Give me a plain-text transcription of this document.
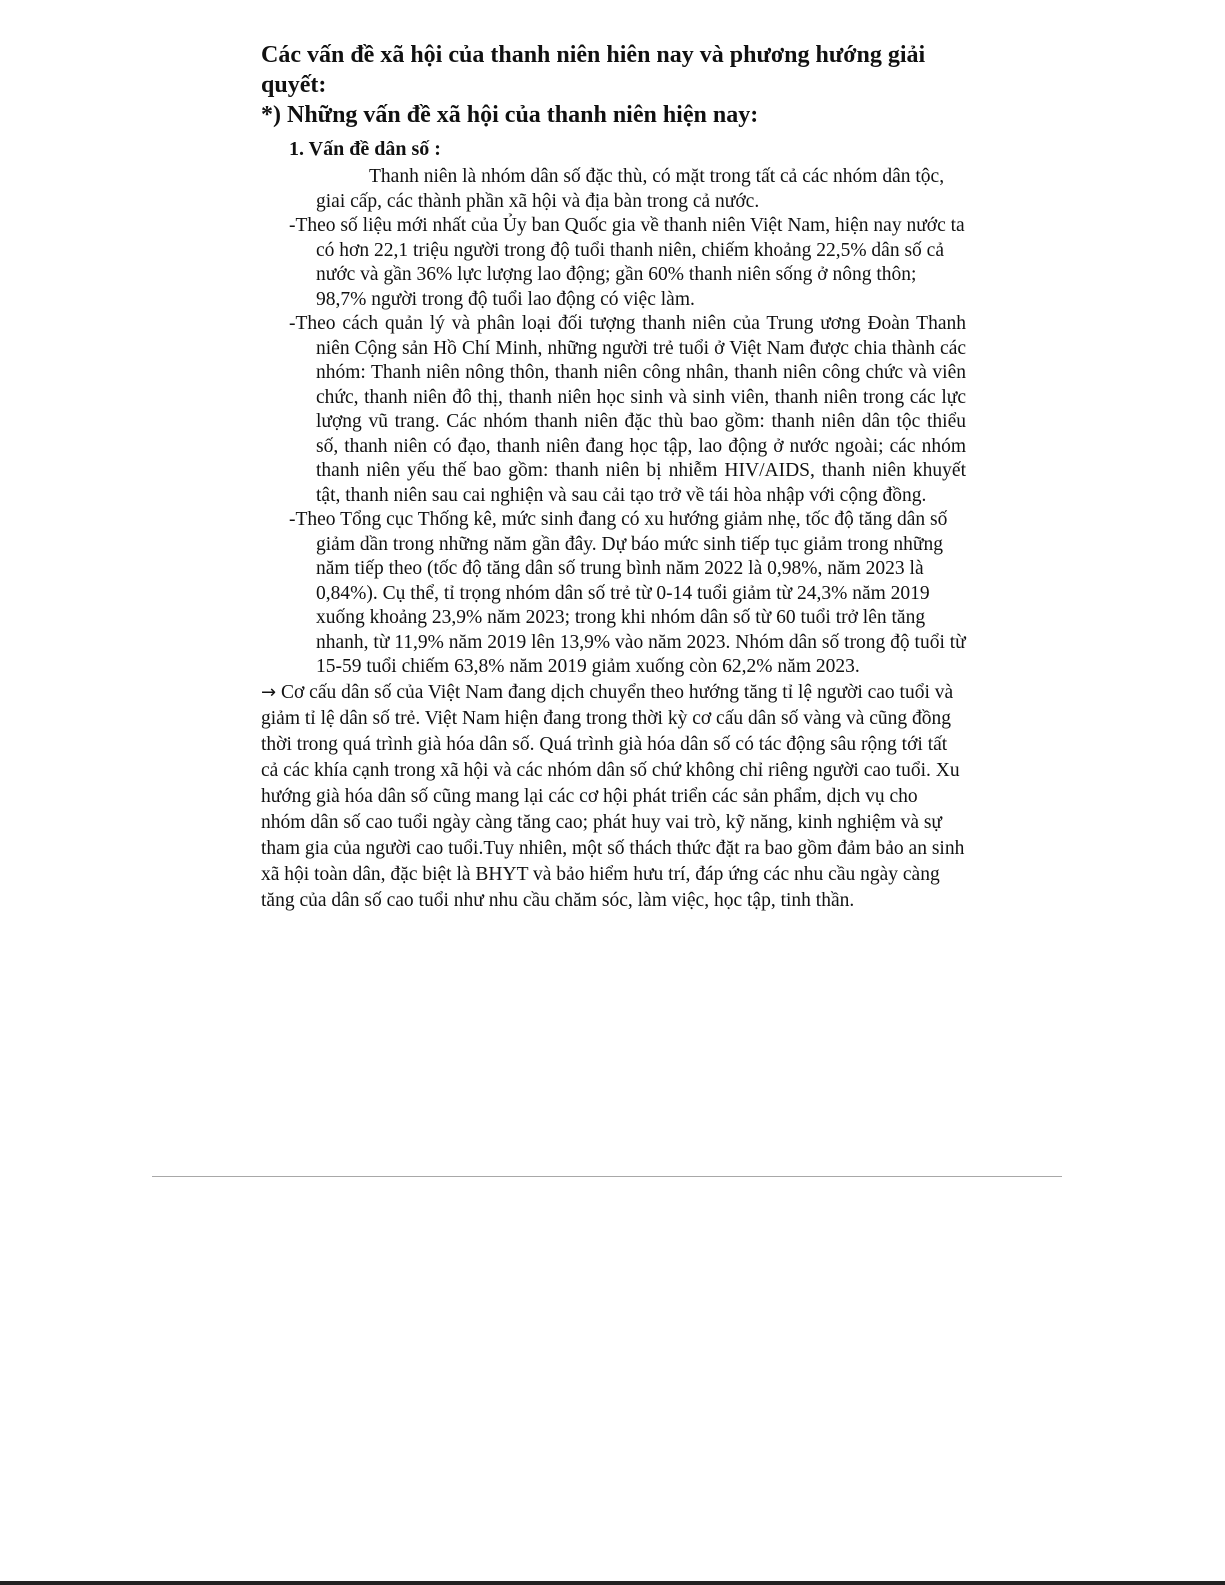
Các vấn đề xã hội của thanh niên hiên nay và phương hướng giải quyết:
*) Những vấn đề xã hội của thanh niên hiện nay:
1. Vấn đề dân số :

Thanh niên là nhóm dân số đặc thù, có mặt trong tất cả các nhóm dân tộc, giai cấp, các thành phần xã hội và địa bàn trong cả nước.

-Theo số liệu mới nhất của Ủy ban Quốc gia về thanh niên Việt Nam, hiện nay nước ta có hơn 22,1 triệu người trong độ tuổi thanh niên, chiếm khoảng 22,5% dân số cả nước và gần 36% lực lượng lao động; gần 60% thanh niên sống ở nông thôn; 98,7% người trong độ tuổi lao động có việc làm.

-Theo cách quản lý và phân loại đối tượng thanh niên của Trung ương Đoàn Thanh niên Cộng sản Hồ Chí Minh, những người trẻ tuổi ở Việt Nam được chia thành các nhóm: Thanh niên nông thôn, thanh niên công nhân, thanh niên công chức và viên chức, thanh niên đô thị, thanh niên học sinh và sinh viên, thanh niên trong các lực lượng vũ trang. Các nhóm thanh niên đặc thù bao gồm: thanh niên dân tộc thiểu số, thanh niên có đạo, thanh niên đang học tập, lao động ở nước ngoài; các nhóm thanh niên yếu thế bao gồm: thanh niên bị nhiễm HIV/AIDS, thanh niên khuyết tật, thanh niên sau cai nghiện và sau cải tạo trở về tái hòa nhập với cộng đồng.

-Theo Tổng cục Thống kê, mức sinh đang có xu hướng giảm nhẹ, tốc độ tăng dân số giảm dần trong những năm gần đây. Dự báo mức sinh tiếp tục giảm trong những năm tiếp theo (tốc độ tăng dân số trung bình năm 2022 là 0,98%, năm 2023 là 0,84%). Cụ thể, tỉ trọng nhóm dân số trẻ từ 0-14 tuổi giảm từ 24,3% năm 2019 xuống khoảng 23,9% năm 2023; trong khi nhóm dân số từ 60 tuổi trở lên tăng nhanh, từ 11,9% năm 2019 lên 13,9% vào năm 2023. Nhóm dân số trong độ tuổi từ 15-59 tuổi chiếm 63,8% năm 2019 giảm xuống còn 62,2% năm 2023.

→ Cơ cấu dân số của Việt Nam đang dịch chuyển theo hướng tăng tỉ lệ người cao tuổi và giảm tỉ lệ dân số trẻ. Việt Nam hiện đang trong thời kỳ cơ cấu dân số vàng và cũng đồng thời trong quá trình già hóa dân số. Quá trình già hóa dân số có tác động sâu rộng tới tất cả các khía cạnh trong xã hội và các nhóm dân số chứ không chỉ riêng người cao tuổi. Xu hướng già hóa dân số cũng mang lại các cơ hội phát triển các sản phẩm, dịch vụ cho nhóm dân số cao tuổi ngày càng tăng cao; phát huy vai trò, kỹ năng, kinh nghiệm và sự tham gia của người cao tuổi.Tuy nhiên, một số thách thức đặt ra bao gồm đảm bảo an sinh xã hội toàn dân, đặc biệt là BHYT và bảo hiểm hưu trí, đáp ứng các nhu cầu ngày càng tăng của dân số cao tuổi như nhu cầu chăm sóc, làm việc, học tập, tinh thần.
